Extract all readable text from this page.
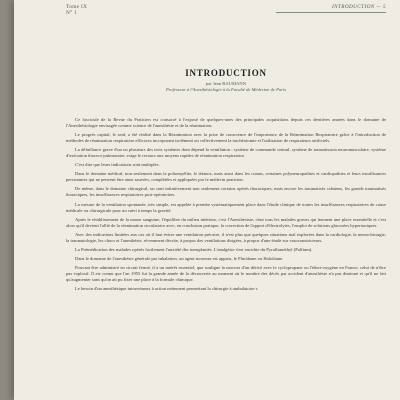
Tome IX
N° 1
INTRODUCTION — 5
INTRODUCTION
par Jean BAUMANN
Professeur à l'Anesthésiologie à la Faculté de Médecine de Paris

Ce fascicule de la Revue du Praticien est consacré à l'exposé de quelques-unes des principales acquisitions depuis ces dernières années dans le domaine de l'Anesthésiologie envisagée comme science de l'anesthésie et de la réanimation.

Le progrès capital, le seul, a été réalisé dans la Réanimation avec la prise de conscience de l'importance de la Réanimation Respiratoire grâce à l'introduction de méthodes de réanimation respiratoire efficaces incorporant isolément ou collectivement la trachéotomie et l'utilisation de respirateurs artificiels.

La défaillance grave d'un ou plusieurs des trois systèmes dont dépend la ventilation : système de commande central, système de transmission neuromusculaire, système d'exécution thoraco-pulmonaire, exige le recours aux moyens rapides de réanimation respiratoire.

C'est dire que leurs indications sont multiples.

Dans le domaine médical, non seulement dans la poliomyélite, le tétanos, mais aussi dans les comas, certaines polyneuropathies et cardiopathies et leurs insuffisances persistantes qui ne peuvent être ainsi sauvées, complétées et appliquées par le médecin praticien.

De même, dans le domaine chirurgical, on sont infinitivement non seulement certains opérés thoraciques, mais encore les traumatisés crâniens, les grands traumatisés thoraciques, les insuffisances respiratoires post-opératoires.

La mesure de la ventilation spontanée, très simple, est appelée à prendre systématiquement place dans l'étude clinique de toutes les insuffisances respiratoires de cause médicale ou chirurgicale pour un suivi à temps la gravité.

Après le rétablissement de la masse sanguine, l'équilibre du milieu intérieur, c'est l'Anesthésiste, chez tous les malades graves qui tiennent une place essentielle et c'est alors qu'il devient l'allié de la réanimation circulatoire avec, en conclusion pratique, la correction de l'apport d'électrolytes, l'emploi de solutions glucosées hypertoniques.

Avec des indications limitées aux cas où il faut éviter une ventilation précaire, il n'est plus que quelques situations mal explorées dans la cardiologie, la neurochirurgie, la traumatologie, les chocs et l'anesthésie, récemment décrite, à propos des ventilations dirigées, à propos d'une étude sur vasoconstricteurs.

La Prémédication des malades opérés facilement l'anxiété des transplantés. L'analgésie s'est enrichie du Pyrafluméthyl (Palfium).

Dans le domaine de l'anesthésie générale par inhalation, un agent nouveau est apparu, le Fluothane ou Halothane.

Pouvant être administré en circuit fermé, il a un intérêt essentiel, que souligne la narcose d'un dérivé avec le cyclopropane ou l'éther-oxygène en France, celui de n'être pas explosif. Il est connu que l'an 1955 fut la grande année de la découverte au moment où le nombre des décès par accident d'anesthésie n'a pas diminué et qu'il ne fait qu'augmenter sans qu'on ait pu fixer une place à la formule chimique.

Le besoin d'un anesthésique intraveineux à action nettement permettant la chirurgie à ambulatoire s
